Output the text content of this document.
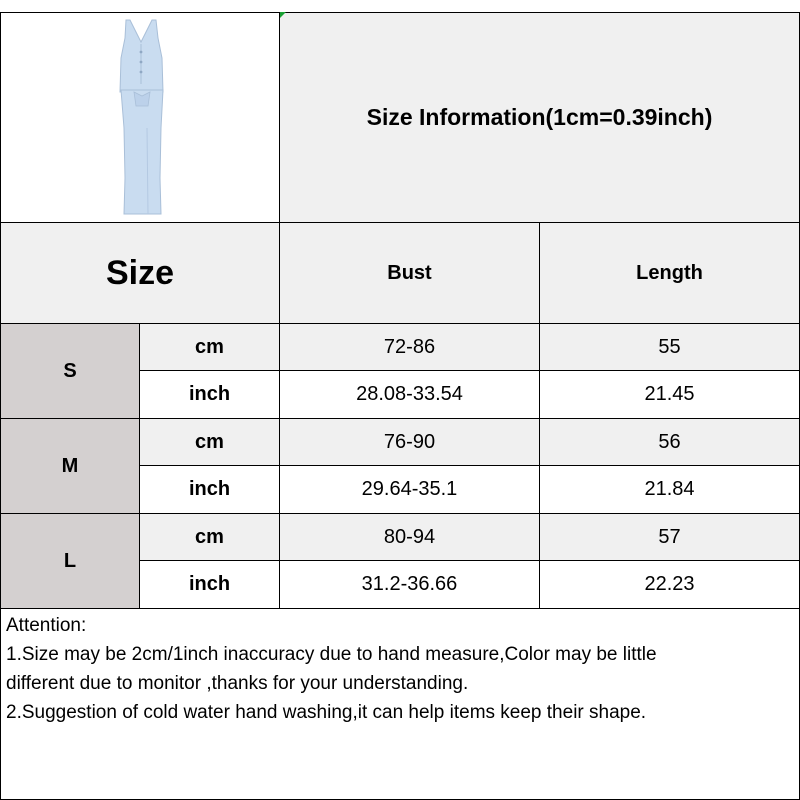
Size Information(1cm=0.39inch)
Size	Bust	Length
S
cm	72-86	55
inch	28.08-33.54	21.45
M
cm	76-90	56
inch	29.64-35.1	21.84
L
cm	80-94	57
inch	31.2-36.66	22.23
Attention:
1.Size may be 2cm/1inch inaccuracy due to hand measure,Color may be little
different due to monitor ,thanks for your understanding.
2.Suggestion of cold water hand washing,it can help items keep their shape.
